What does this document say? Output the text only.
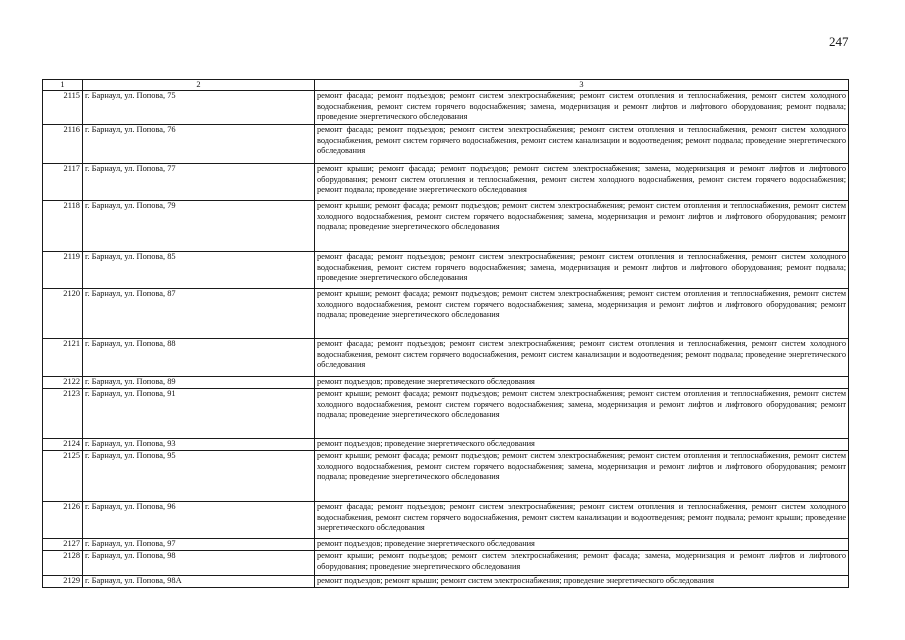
247
1	2	3
2115	г. Барнаул, ул. Попова, 75	ремонт фасада; ремонт подъездов; ремонт систем электроснабжения; ремонт систем отопления и теплоснабжения, ремонт систем холодного водоснабжения, ремонт систем горячего водоснабжения; замена, модернизация и ремонт лифтов и лифтового оборудования; ремонт подвала; проведение энергетического обследования
2116	г. Барнаул, ул. Попова, 76	ремонт фасада; ремонт подъездов; ремонт систем электроснабжения; ремонт систем отопления и теплоснабжения, ремонт систем холодного водоснабжения, ремонт систем горячего водоснабжения, ремонт систем канализации и водоотведения; ремонт подвала; проведение энергетического обследования
2117	г. Барнаул, ул. Попова, 77	ремонт крыши; ремонт фасада; ремонт подъездов; ремонт систем электроснабжения; замена, модернизация и ремонт лифтов и лифтового оборудования; ремонт систем отопления и теплоснабжения, ремонт систем холодного водоснабжения, ремонт систем горячего водоснабжения; ремонт подвала; проведение энергетического обследования
2118	г. Барнаул, ул. Попова, 79	ремонт крыши; ремонт фасада; ремонт подъездов; ремонт систем электроснабжения; ремонт систем отопления и теплоснабжения, ремонт систем холодного водоснабжения, ремонт систем горячего водоснабжения; замена, модернизация и ремонт лифтов и лифтового оборудования; ремонт подвала; проведение энергетического обследования
2119	г. Барнаул, ул. Попова, 85	ремонт фасада; ремонт подъездов; ремонт систем электроснабжения; ремонт систем отопления и теплоснабжения, ремонт систем холодного водоснабжения, ремонт систем горячего водоснабжения; замена, модернизация и ремонт лифтов и лифтового оборудования; ремонт подвала; проведение энергетического обследования
2120	г. Барнаул, ул. Попова, 87	ремонт крыши; ремонт фасада; ремонт подъездов; ремонт систем электроснабжения; ремонт систем отопления и теплоснабжения, ремонт систем холодного водоснабжения, ремонт систем горячего водоснабжения; замена, модернизация и ремонт лифтов и лифтового оборудования; ремонт подвала; проведение энергетического обследования
2121	г. Барнаул, ул. Попова, 88	ремонт фасада; ремонт подъездов; ремонт систем электроснабжения; ремонт систем отопления и теплоснабжения, ремонт систем холодного водоснабжения, ремонт систем горячего водоснабжения, ремонт систем канализации и водоотведения; ремонт подвала; проведение энергетического обследования
2122	г. Барнаул, ул. Попова, 89	ремонт подъездов; проведение энергетического обследования
2123	г. Барнаул, ул. Попова, 91	ремонт крыши; ремонт фасада; ремонт подъездов; ремонт систем электроснабжения; ремонт систем отопления и теплоснабжения, ремонт систем холодного водоснабжения, ремонт систем горячего водоснабжения; замена, модернизация и ремонт лифтов и лифтового оборудования; ремонт подвала; проведение энергетического обследования
2124	г. Барнаул, ул. Попова, 93	ремонт подъездов; проведение энергетического обследования
2125	г. Барнаул, ул. Попова, 95	ремонт крыши; ремонт фасада; ремонт подъездов; ремонт систем электроснабжения; ремонт систем отопления и теплоснабжения, ремонт систем холодного водоснабжения, ремонт систем горячего водоснабжения; замена, модернизация и ремонт лифтов и лифтового оборудования; ремонт подвала; проведение энергетического обследования
2126	г. Барнаул, ул. Попова, 96	ремонт фасада; ремонт подъездов; ремонт систем электроснабжения; ремонт систем отопления и теплоснабжения, ремонт систем холодного водоснабжения, ремонт систем горячего водоснабжения, ремонт систем канализации и водоотведения; ремонт подвала; ремонт крыши; проведение энергетического обследования
2127	г. Барнаул, ул. Попова, 97	ремонт подъездов; проведение энергетического обследования
2128	г. Барнаул, ул. Попова, 98	ремонт крыши; ремонт подъездов; ремонт систем электроснабжения; ремонт фасада; замена, модернизация и ремонт лифтов и лифтового оборудования; проведение энергетического обследования
2129	г. Барнаул, ул. Попова, 98А	ремонт подъездов; ремонт крыши; ремонт систем электроснабжения; проведение энергетического обследования
